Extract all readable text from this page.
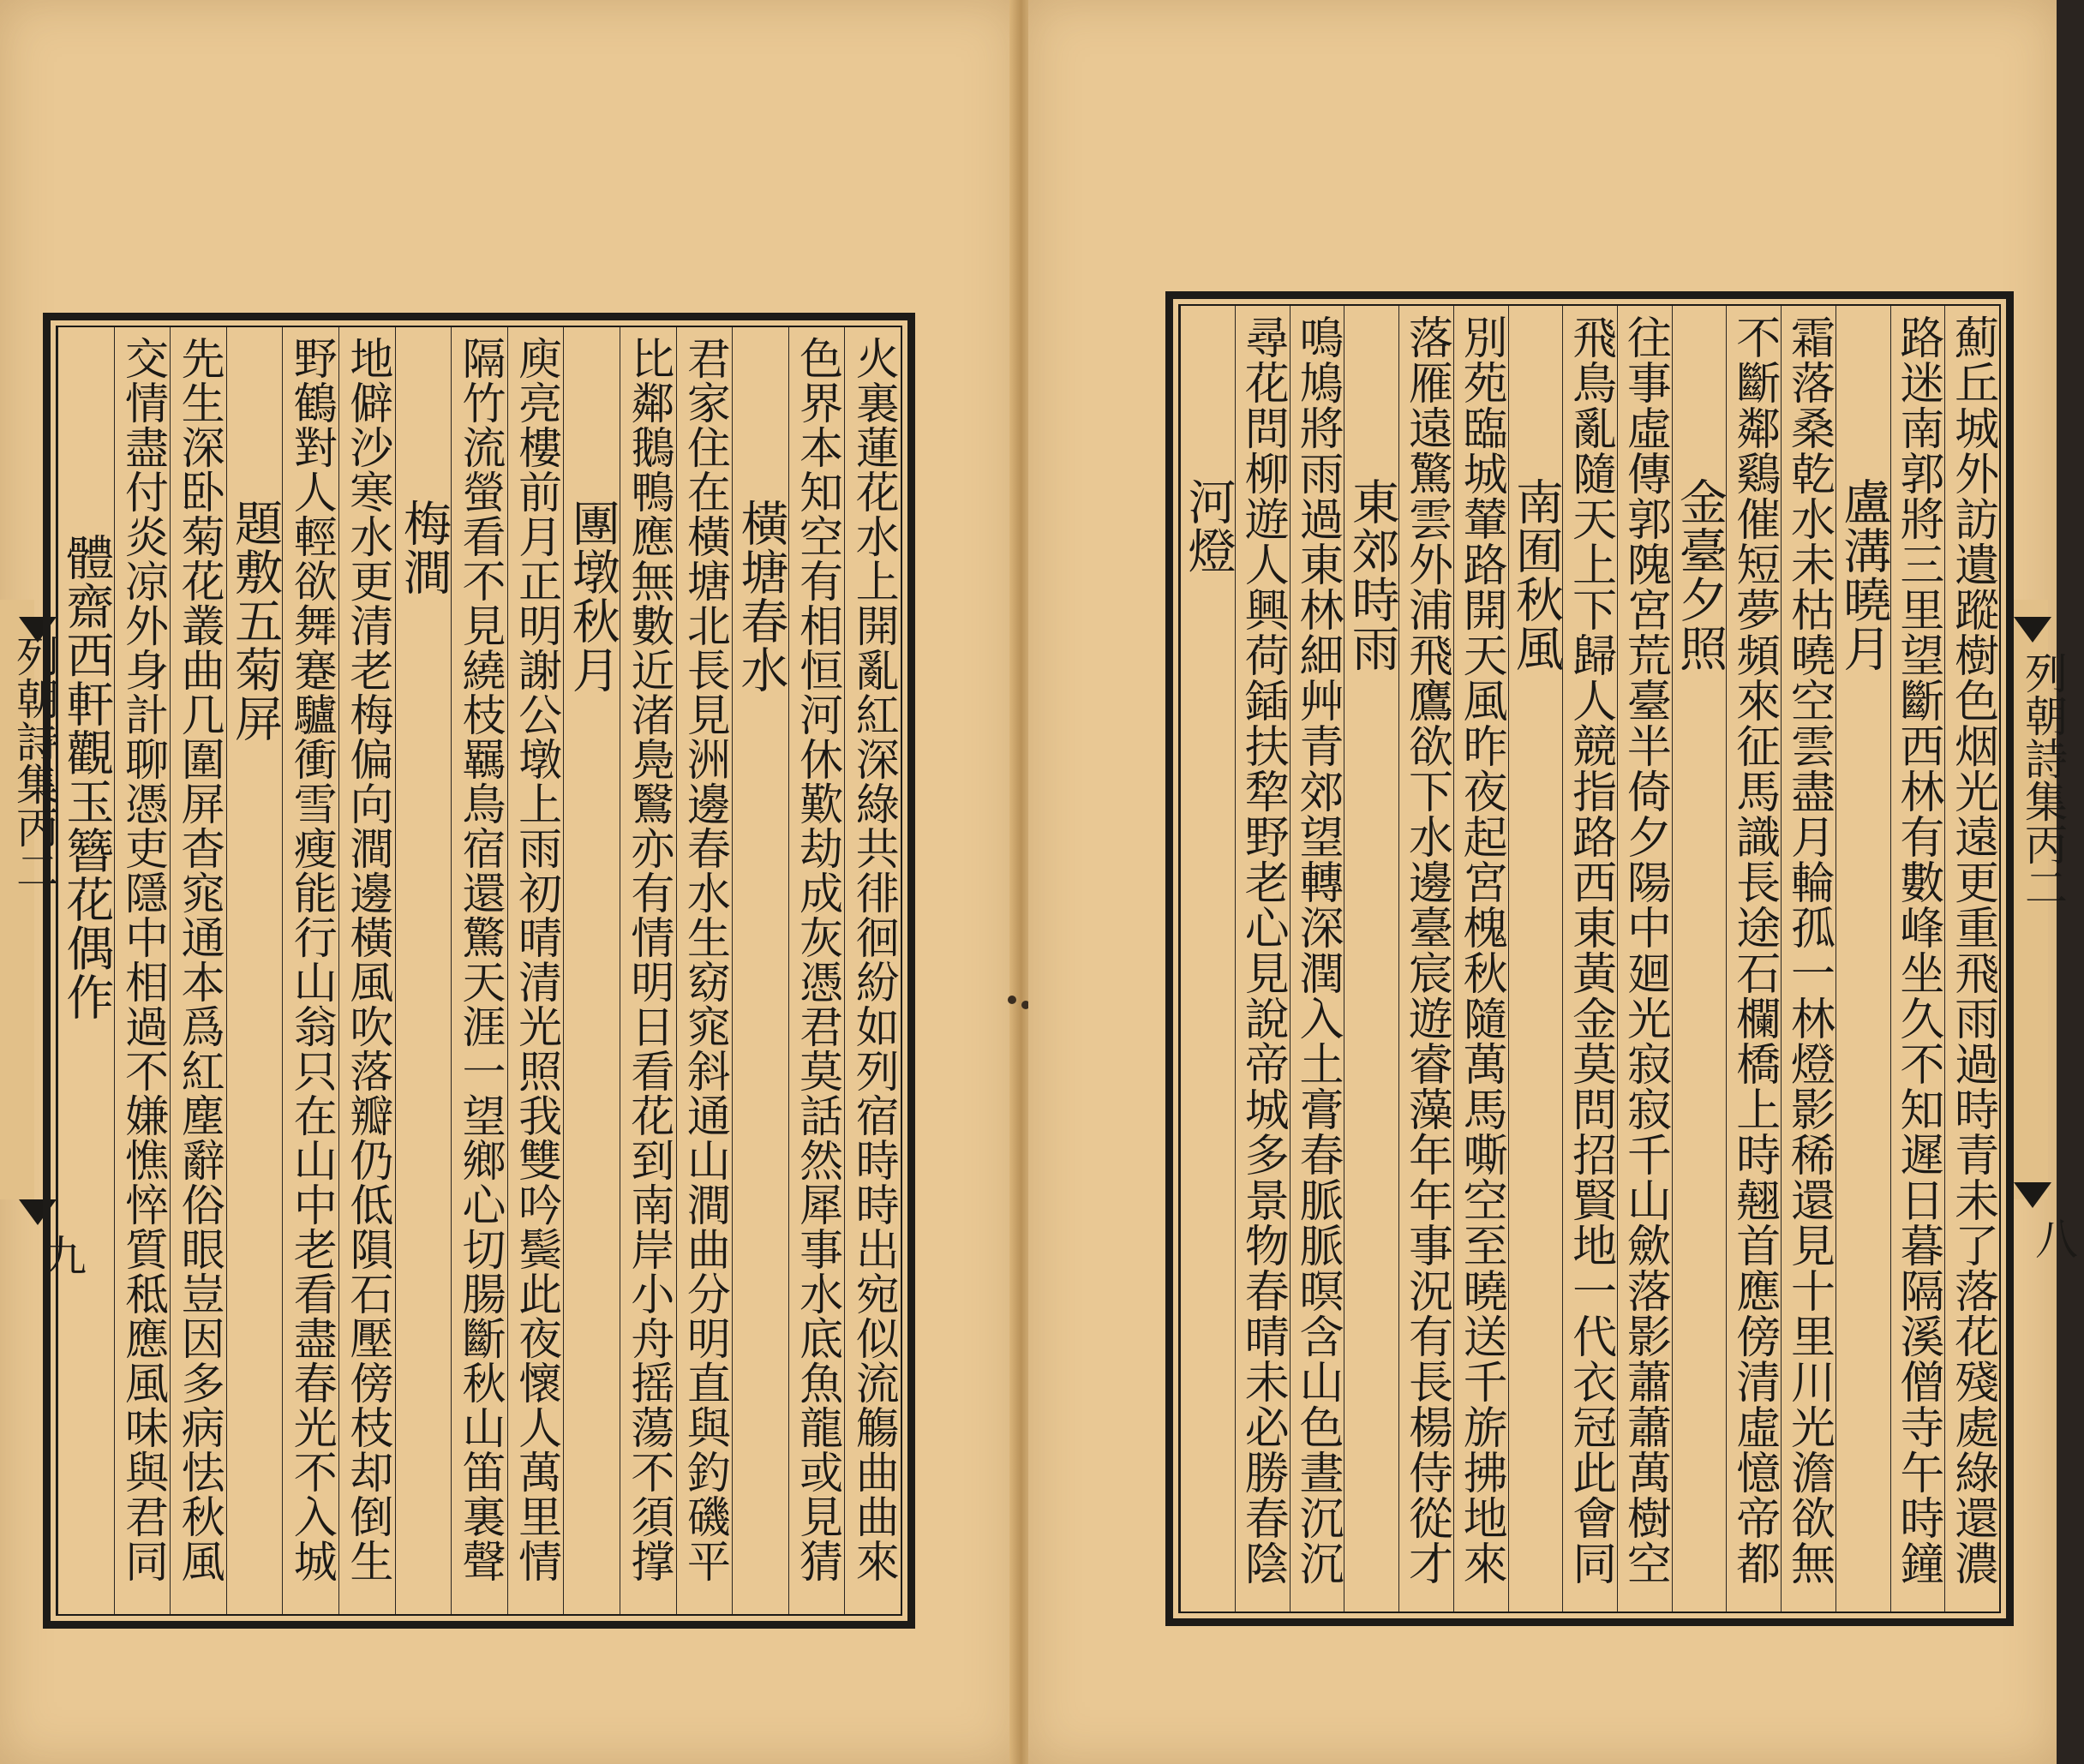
列朝詩集丙二
九	火裏蓮花水上開亂紅深綠共徘徊紛如列宿時時出宛似流觴曲曲來
色界本知空有相恒河休歎劫成灰憑君莫話然犀事水底魚龍或見猜
橫塘春水
君家住在橫塘北長見洲邊春水生窈窕斜通山澗曲分明直與釣磯平
比鄰鵝鴨應無數近渚鳧鷖亦有情明日看花到南岸小舟摇蕩不須撑
團墩秋月
庾亮樓前月正明謝公墩上雨初晴清光照我雙吟鬓此夜懷人萬里情
隔竹流螢看不見繞枝羈鳥宿還驚天涯一望鄉心切腸斷秋山笛裏聲
梅澗
地僻沙寒水更清老梅偏向澗邊橫風吹落瓣仍低隕石壓傍枝却倒生
野鶴對人輕欲舞蹇驢衝雪瘦能行山翁只在山中老看盡春光不入城
題敷五菊屏
先生深卧菊花叢曲几圍屏杳窕通本爲紅塵辭俗眼豈因多病怯秋風
交情盡付炎凉外身計聊憑吏隱中相過不嫌憔悴質秪應風味與君同
體齋西軒觀玉簪花偶作	薊丘城外訪遺蹤樹色烟光遠更重飛雨過時青未了落花殘處綠還濃
路迷南郭將三里望斷西林有數峰坐久不知遲日暮隔溪僧寺午時鐘
盧溝曉月
霜落桑乾水未枯曉空雲盡月輪孤一林燈影稀還見十里川光澹欲無
不斷鄰鷄催短夢頻來征馬識長途石欄橋上時翹首應傍清虛憶帝都
金臺夕照
往事虛傳郭隗宮荒臺半倚夕陽中廻光寂寂千山歛落影蕭蕭萬樹空
飛鳥亂隨天上下歸人競指路西東黃金莫問招賢地一代衣冠此會同
南囿秋風
別苑臨城輦路開天風昨夜起宮槐秋隨萬馬嘶空至曉送千旂拂地來
落雁遠驚雲外浦飛鷹欲下水邊臺宸遊睿藻年年事況有長楊侍從才
東郊時雨
鳴鳩將雨過東林細艸青郊望轉深潤入土膏春脈脈暝含山色晝沉沉
尋花問柳遊人興荷鍤扶犂野老心見說帝城多景物春晴未必勝春陰
河燈
列朝詩集丙二
八
